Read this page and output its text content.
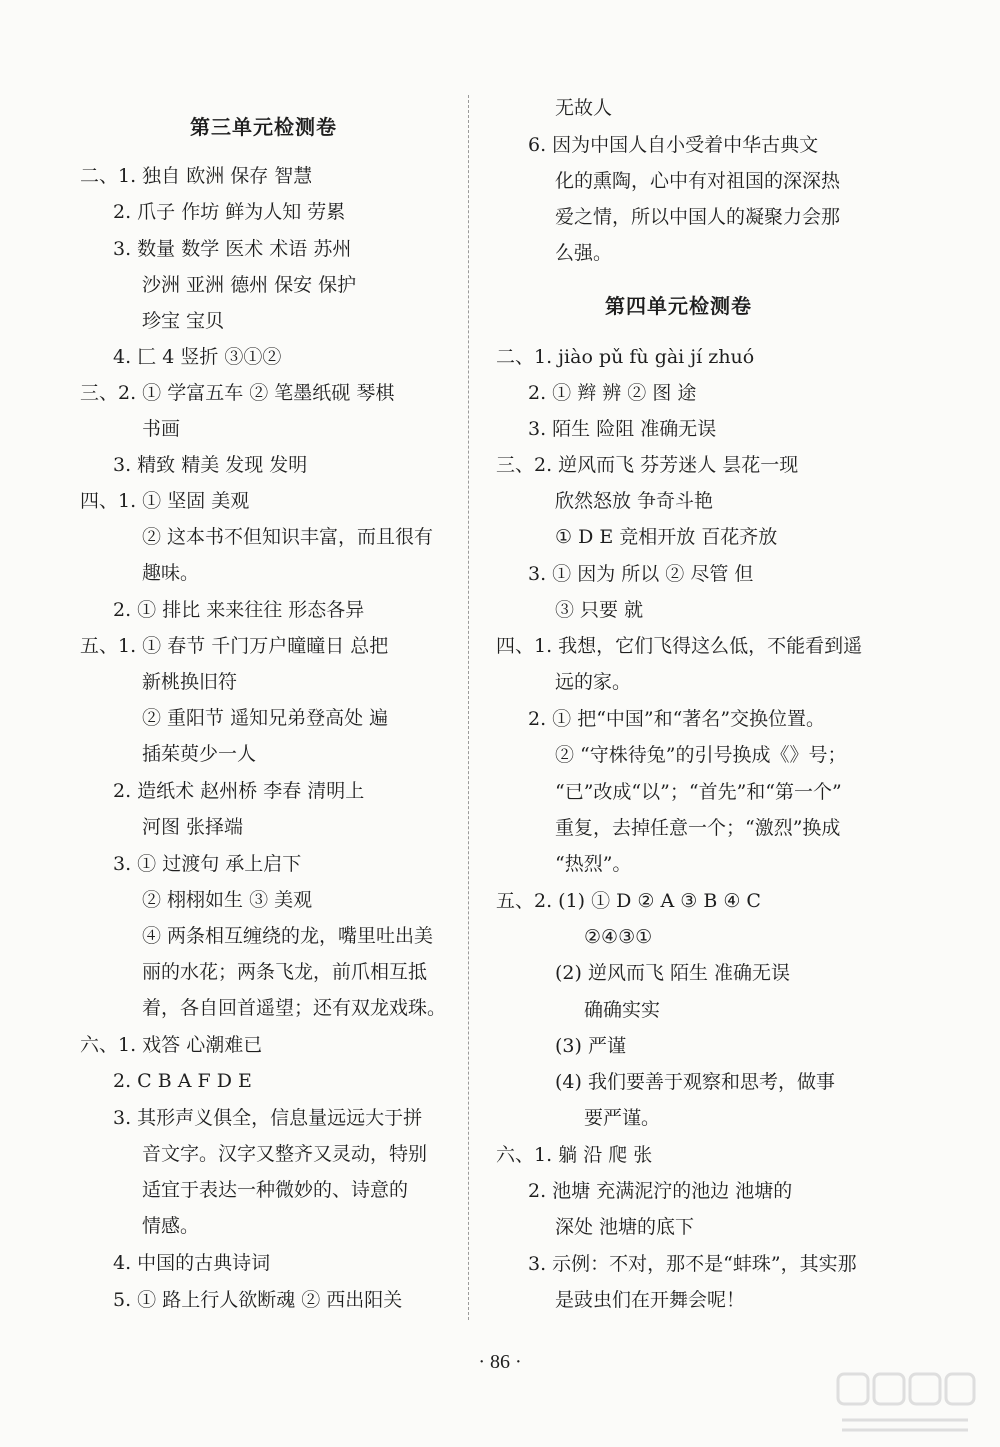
第三单元检测卷
二、1. 独自 欧洲 保存 智慧
2. 爪子 作坊 鲜为人知 劳累
3. 数量 数学 医术 术语 苏州
沙洲 亚洲 德州 保安 保护
珍宝 宝贝
4. 匚 4 竖折 ③①②
三、2. ① 学富五车 ② 笔墨纸砚 琴棋
书画
3. 精致 精美 发现 发明
四、1. ① 坚固 美观
② 这本书不但知识丰富，而且很有
趣味。
2. ① 排比 来来往往 形态各异
五、1. ① 春节 千门万户曈曈日 总把
新桃换旧符
② 重阳节 遥知兄弟登高处 遍
插茱萸少一人
2. 造纸术 赵州桥 李春 清明上
河图 张择端
3. ① 过渡句 承上启下
② 栩栩如生 ③ 美观
④ 两条相互缠绕的龙，嘴里吐出美
丽的水花；两条飞龙，前爪相互抵
着，各自回首遥望；还有双龙戏珠。
六、1. 戏答 心潮难已
2. C B A F D E
3. 其形声义俱全，信息量远远大于拼
音文字。汉字又整齐又灵动，特别
适宜于表达一种微妙的、诗意的
情感。
4. 中国的古典诗词
5. ① 路上行人欲断魂 ② 西出阳关
无故人
6. 因为中国人自小受着中华古典文
化的熏陶，心中有对祖国的深深热
爱之情，所以中国人的凝聚力会那
么强。
第四单元检测卷
二、1. jiào pǔ fù gài jí zhuó
2. ① 辫 辨 ② 图 途
3. 陌生 险阻 准确无误
三、2. 逆风而飞 芬芳迷人 昙花一现
欣然怒放 争奇斗艳
① D E 竞相开放 百花齐放
3. ① 因为 所以 ② 尽管 但
③ 只要 就
四、1. 我想，它们飞得这么低，不能看到遥
远的家。
2. ① 把“中国”和“著名”交换位置。
② “守株待兔”的引号换成《》号；
“已”改成“以”；“首先”和“第一个”
重复，去掉任意一个；“激烈”换成
“热烈”。
五、2. (1) ① D ② A ③ B ④ C
②④③①
(2) 逆风而飞 陌生 准确无误
确确实实
(3) 严谨
(4) 我们要善于观察和思考，做事
要严谨。
六、1. 躺 沿 爬 张
2. 池塘 充满泥泞的池边 池塘的
深处 池塘的底下
3. 示例：不对，那不是“蚌珠”，其实那
是豉虫们在开舞会呢！
· 86 ·
